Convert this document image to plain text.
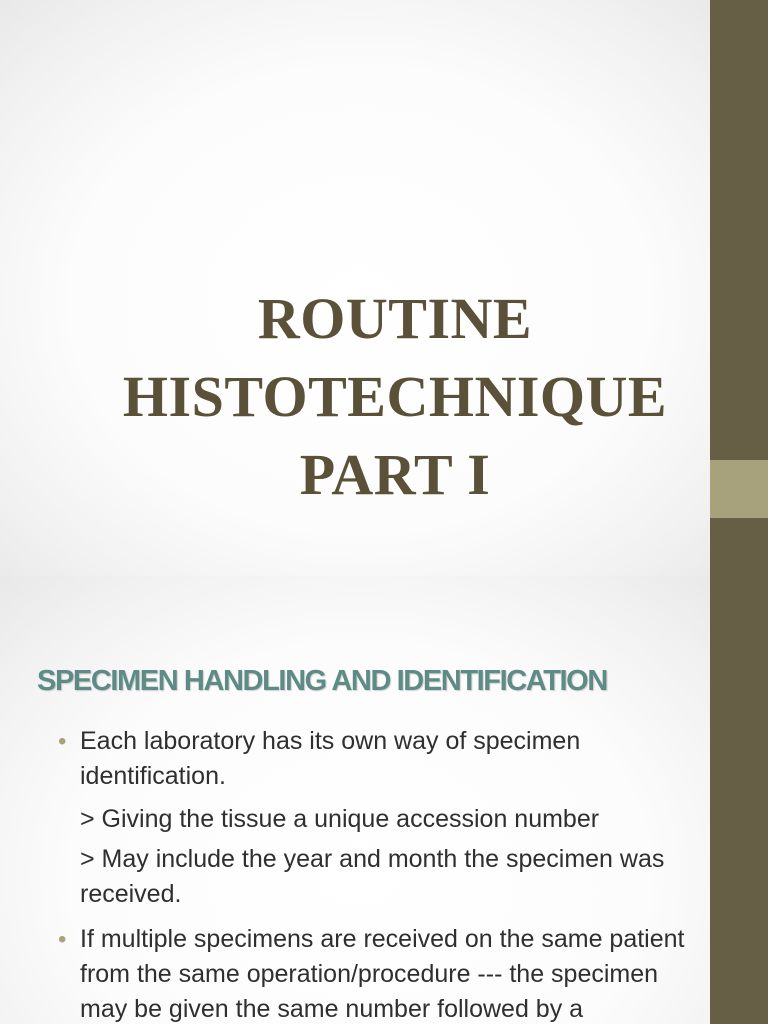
ROUTINE
HISTOTECHNIQUE
PART I
SPECIMEN HANDLING AND IDENTIFICATION
• Each laboratory has its own way of specimen identification.
> Giving the tissue a unique accession number
> May include the year and month the specimen was received.
• If multiple specimens are received on the same patient from the same operation/procedure --- the specimen may be given the same number followed by a
